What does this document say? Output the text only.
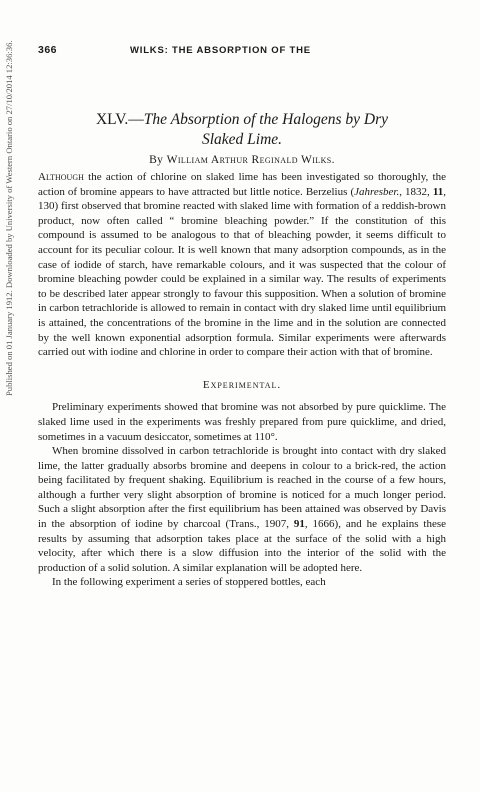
Published on 01 January 1912. Downloaded by University of Western Ontario on 27/10/2014 12:36:36. 366	WILKS: THE ABSORPTION OF THE
XLV.—The Absorption of the Halogens by Dry
Slaked Lime.
By William Arthur Reginald Wilks.

Although the action of chlorine on slaked lime has been investigated so thoroughly, the action of bromine appears to have attracted but little notice. Berzelius (Jahresber., 1832, 11, 130) first observed that bromine reacted with slaked lime with formation of a reddish-brown product, now often called “ bromine bleaching powder.” If the constitution of this compound is assumed to be analogous to that of bleaching powder, it seems difficult to account for its peculiar colour. It is well known that many adsorption compounds, as in the case of iodide of starch, have remarkable colours, and it was suspected that the colour of bromine bleaching powder could be explained in a similar way. The results of experiments to be described later appear strongly to favour this supposition. When a solution of bromine in carbon tetrachloride is allowed to remain in contact with dry slaked lime until equilibrium is attained, the concentrations of the bromine in the lime and in the solution are connected by the well known exponential adsorption formula. Similar experiments were afterwards carried out with iodine and chlorine in order to compare their action with that of bromine.

Experimental.

Preliminary experiments showed that bromine was not absorbed by pure quicklime. The slaked lime used in the experiments was freshly prepared from pure quicklime, and dried, sometimes in a vacuum desiccator, sometimes at 110°.

When bromine dissolved in carbon tetrachloride is brought into contact with dry slaked lime, the latter gradually absorbs bromine and deepens in colour to a brick-red, the action being facilitated by frequent shaking. Equilibrium is reached in the course of a few hours, although a further very slight absorption of bromine is noticed for a much longer period. Such a slight absorption after the first equilibrium has been attained was observed by Davis in the absorption of iodine by charcoal (Trans., 1907, 91, 1666), and he explains these results by assuming that adsorption takes place at the surface of the solid with a high velocity, after which there is a slow diffusion into the interior of the solid with the production of a solid solution. A similar explanation will be adopted here.

In the following experiment a series of stoppered bottles, each
